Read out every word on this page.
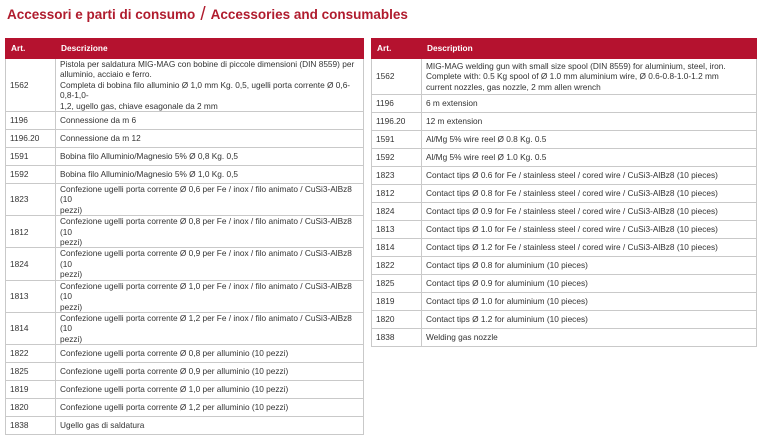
Accessori e parti di consumo / Accessories and consumables
Art.	Descrizione
1562	Pistola per saldatura MIG-MAG con bobine di piccole dimensioni (DIN 8559) per
alluminio, acciaio e ferro.
Completa di bobina filo alluminio Ø 1,0 mm Kg. 0,5, ugelli porta corrente Ø 0,6-0,8-1,0-
1,2, ugello gas, chiave esagonale da 2 mm

1196	Connessione da m 6

1196.20	Connessione da m 12

1591	Bobina filo Alluminio/Magnesio 5% Ø 0,8 Kg. 0,5

1592	Bobina filo Alluminio/Magnesio 5% Ø 1,0 Kg. 0,5

1823	Confezione ugelli porta corrente Ø 0,6 per Fe / inox / filo animato / CuSi3-AlBz8 (10
pezzi)

1812	Confezione ugelli porta corrente Ø 0,8 per Fe / inox / filo animato / CuSi3-AlBz8 (10
pezzi)

1824	Confezione ugelli porta corrente Ø 0,9 per Fe / inox / filo animato / CuSi3-AlBz8 (10
pezzi)

1813	Confezione ugelli porta corrente Ø 1,0 per Fe / inox / filo animato / CuSi3-AlBz8 (10
pezzi)

1814	Confezione ugelli porta corrente Ø 1,2 per Fe / inox / filo animato / CuSi3-AlBz8 (10
pezzi)

1822	Confezione ugelli porta corrente Ø 0,8 per alluminio (10 pezzi)

1825	Confezione ugelli porta corrente Ø 0,9 per alluminio (10 pezzi)

1819	Confezione ugelli porta corrente Ø 1,0 per alluminio (10 pezzi)

1820	Confezione ugelli porta corrente Ø 1,2 per alluminio (10 pezzi)

1838	Ugello gas di saldatura
Art.	Description
1562	MIG-MAG welding gun with small size spool (DIN 8559) for aluminium, steel, iron.
Complete with: 0.5 Kg spool of Ø 1.0 mm aluminium wire, Ø 0.6-0.8-1.0-1.2 mm
current nozzles, gas nozzle, 2 mm allen wrench

1196	6 m extension

1196.20	12 m extension

1591	Al/Mg 5% wire reel Ø 0.8 Kg. 0.5

1592	Al/Mg 5% wire reel Ø 1.0 Kg. 0.5

1823	Contact tips Ø 0.6 for Fe / stainless steel / cored wire / CuSi3-AlBz8 (10 pieces)

1812	Contact tips Ø 0.8 for Fe / stainless steel / cored wire / CuSi3-AlBz8 (10 pieces)

1824	Contact tips Ø 0.9 for Fe / stainless steel / cored wire / CuSi3-AlBz8 (10 pieces)

1813	Contact tips Ø 1.0 for Fe / stainless steel / cored wire / CuSi3-AlBz8 (10 pieces)

1814	Contact tips Ø 1.2 for Fe / stainless steel / cored wire / CuSi3-AlBz8 (10 pieces)

1822	Contact tips Ø 0.8 for aluminium (10 pieces)

1825	Contact tips Ø 0.9 for aluminium (10 pieces)

1819	Contact tips Ø 1.0 for aluminium (10 pieces)

1820	Contact tips Ø 1.2 for aluminium (10 pieces)

1838	Welding gas nozzle
